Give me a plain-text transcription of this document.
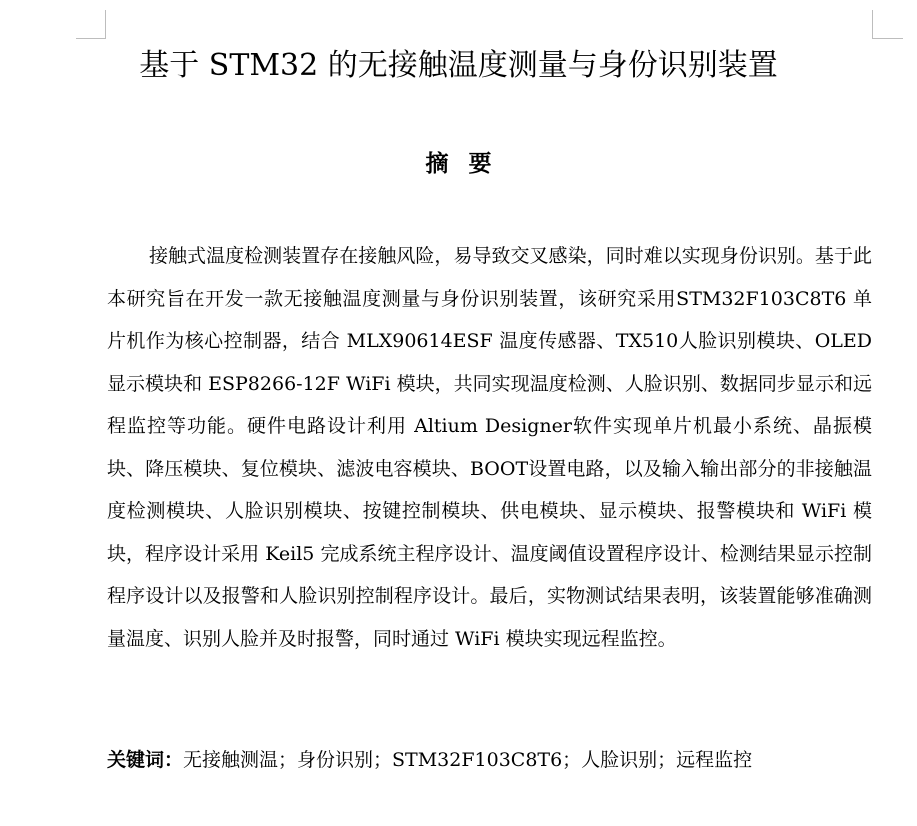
基于 STM32 的无接触温度测量与身份识别装置
摘要

接触式温度检测装置存在接触风险，易导致交叉感染，同时难以实现身份识别。基于此本研究旨在开发一款无接触温度测量与身份识别装置，该研究采用STM32F103C8T6 单片机作为核心控制器，结合 MLX90614ESF 温度传感器、TX510人脸识别模块、OLED 显示模块和 ESP8266-12F WiFi 模块，共同实现温度检测、人脸识别、数据同步显示和远程监控等功能。硬件电路设计利用 Altium Designer软件实现单片机最小系统、晶振模块、降压模块、复位模块、滤波电容模块、BOOT设置电路，以及输入输出部分的非接触温度检测模块、人脸识别模块、按键控制模块、供电模块、显示模块、报警模块和 WiFi 模块，程序设计采用 Keil5 完成系统主程序设计、温度阈值设置程序设计、检测结果显示控制程序设计以及报警和人脸识别控制程序设计。最后，实物测试结果表明，该装置能够准确测量温度、识别人脸并及时报警，同时通过 WiFi 模块实现远程监控。

关键词：无接触测温；身份识别；STM32F103C8T6；人脸识别；远程监控
